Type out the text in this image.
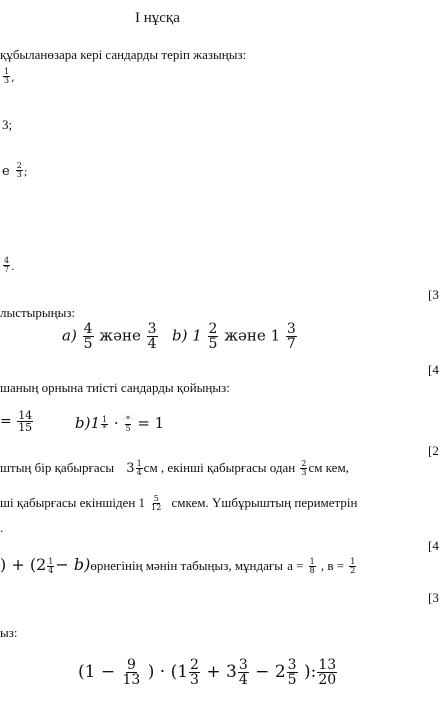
I нұсқа
құбыланөзара кері сандарды теріп жазыңыз:
$\frac{1}{3}$ ,
3;
е $\frac{2}{3}$ ;
$\frac{4}{7}$ .
[3
лыстырыңыз:
$а) \frac{4}{5}$ және $\frac{3}{4} b$) $1 \frac{2}{5}$ және $1 \frac{3}{7}$
[4
шаның орнына тиісті сандарды қойыңыз:
= $\frac{14}{15}$	$b)1 \frac{1}{*} \cdot \frac{*}{5} = 1$
[2
штың бір қабырғасы $3 \frac{1}{4}$ см , екінші қабырғасы одан $\frac{2}{3}$ см кем,
ші қабырғасы екіншіден $1 \frac{5}{12}$ смкем. Үшбұрыштың периметрін
.
[4
) + ($2 \frac{1}{4}$ − b)өрнегінің мәнін табыңыз, мұндағы $а = \frac{1}{8}$ , $в = \frac{1}{2}$
[3
ыз:
($1 - \frac{9}{13}$ ) · ($1 \frac{2}{3} + 3 \frac{3}{4} - 2 \frac{3}{5}$ ): $\frac{13}{20}$
